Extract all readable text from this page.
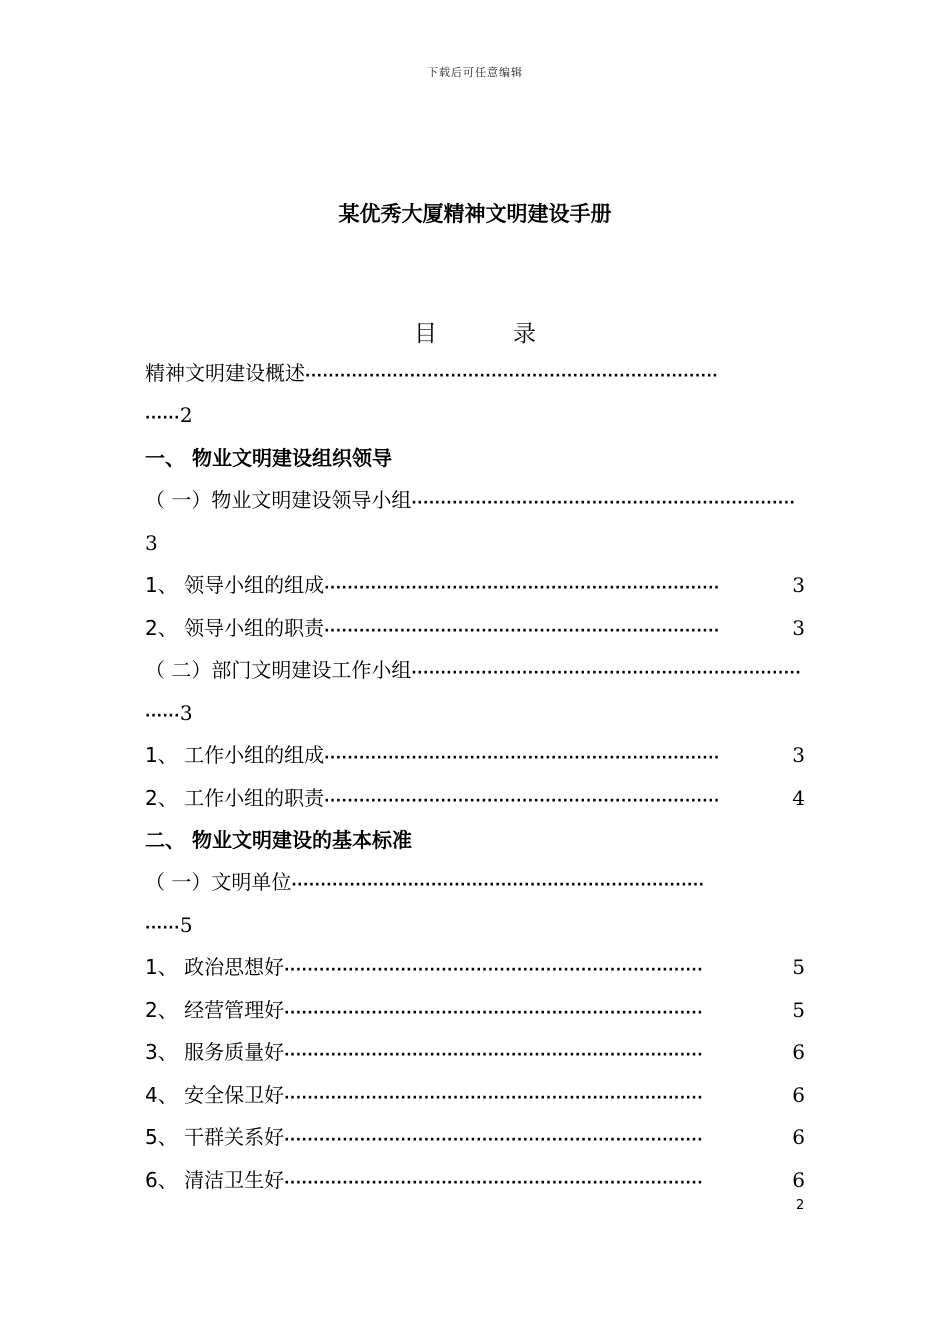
下载后可任意编辑
某优秀大厦精神文明建设手册
目	录
精神文明建设概述 ·······································································
······ 2
一、 物业文明建设组织领导
（ 一）物业文明建设领导小组 ··································································
3
1、 领导小组的组成 ····································································	3
2、 领导小组的职责 ····································································	3
（ 二）部门文明建设工作小组 ···································································
······ 3
1、 工作小组的组成 ····································································	3
2、 工作小组的职责 ····································································	4
二、 物业文明建设的基本标准
（ 一）文明单位 ·······································································
······ 5
1、 政治思想好 ········································································	5
2、 经营管理好 ········································································	5
3、 服务质量好 ········································································	6
4、 安全保卫好 ········································································	6
5、 干群关系好 ········································································	6
6、 清洁卫生好 ········································································	6
2
